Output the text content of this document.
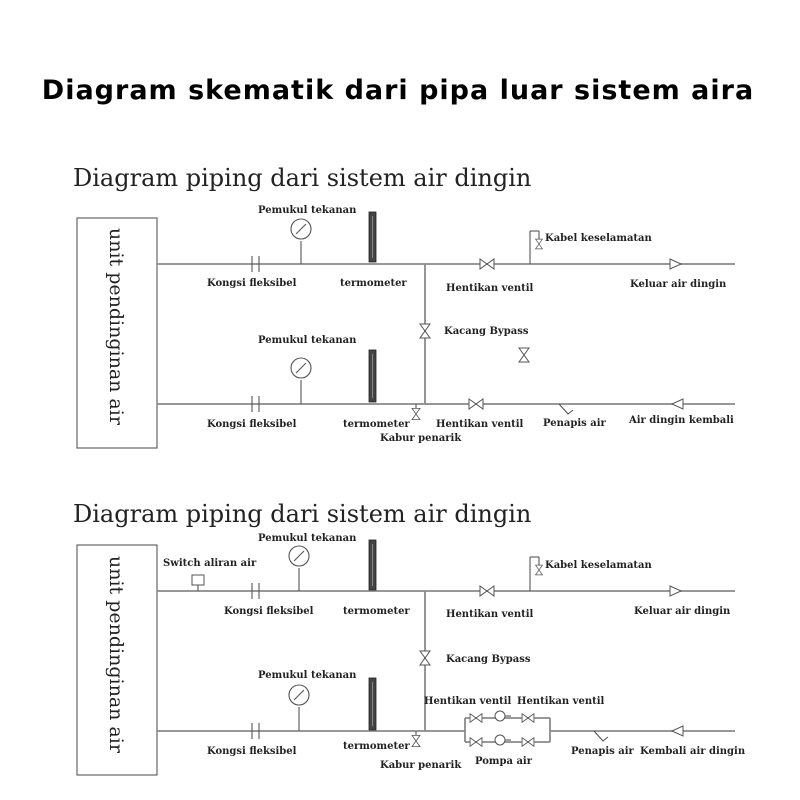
Diagram skematik dari pipa luar sistem aira
Diagram piping dari sistem air dingin
unit pendinginan air
Pemukul tekanan
Kongsi fleksibel	termometer	Hentikan ventil
Kabel keselamatan
Keluar air dingin
Kacang Bypass
Pemukul tekanan
Kongsi fleksibel	termometer
Kabur penarik
Hentikan ventil Penapis air Air dingin kembali
Diagram piping dari sistem air dingin
unit pendinginan air
Pemukul tekanan
Switch aliran air
Kongsi fleksibel	termometer
Kabel keselamatan
Hentikan ventil	Keluar air dingin
Kacang Bypass
Pemukul tekanan
Hentikan ventil Hentikan ventil
Kongsi fleksibel	termometer
Kabur penarik Pompa air
Penapis air Kembali air dingin
